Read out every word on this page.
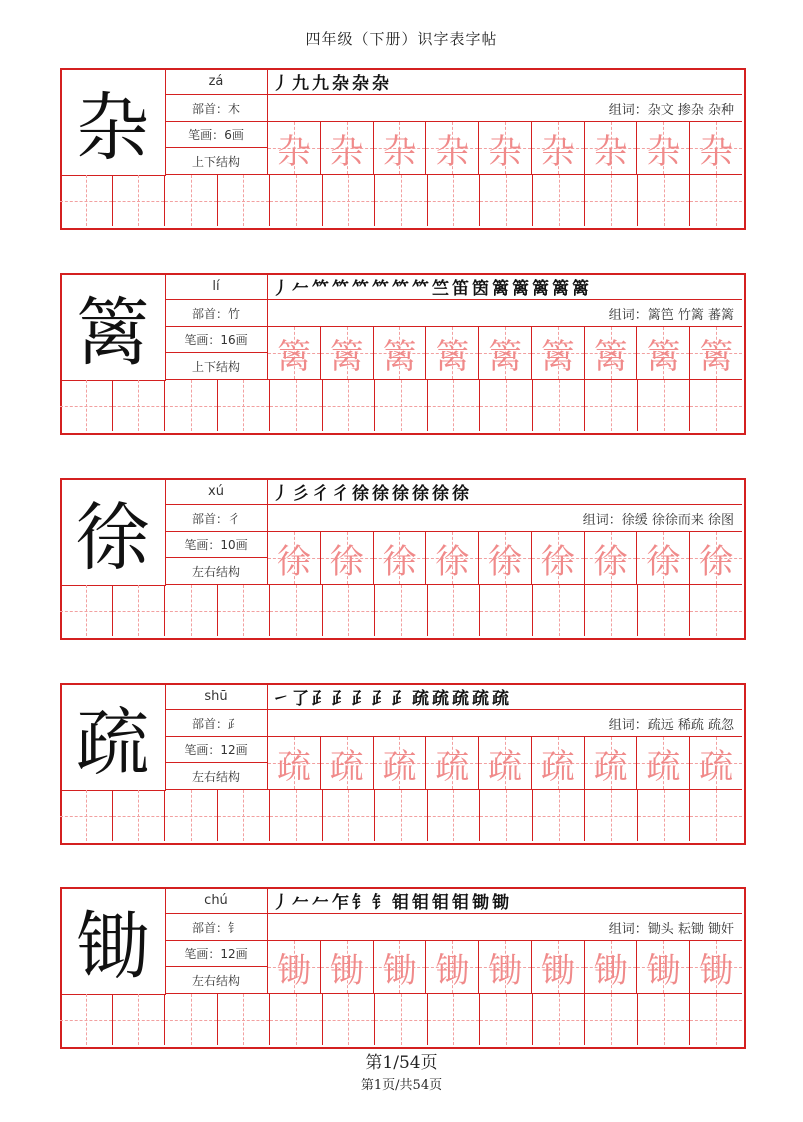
四年级（下册）识字表字帖
杂
zá
部首： 木
笔画： 6画
上下结构
丿 九 九 杂 杂 杂
组词： 杂文 掺杂 杂种
杂 杂 杂 杂 杂 杂 杂 杂 杂
篱
lí
部首： 竹
笔画： 16画
上下结构
丿 𠂉 𥫗 𥫗 𥫗 𥫗 𥫗 𥫗 竺 笛 筃 篱 篱 篱 篱 篱
组词： 篱笆 竹篱 蕃篱
篱 篱 篱 篱 篱 篱 篱 篱 篱
徐
xú
部首： 彳
笔画： 10画
左右结构
丿 彡 彳 彳 徐 徐 徐 徐 徐 徐
组词： 徐缓 徐徐而来 徐图
徐 徐 徐 徐 徐 徐 徐 徐 徐
疏
shū
部首： ⺪
笔画： 12画
左右结构
㇀ 了 ⺪ ⺪ ⺪ ⺪ ⺪ 疏 疏 疏 疏 疏
组词： 疏远 稀疏 疏忽
疏 疏 疏 疏 疏 疏 疏 疏 疏
锄
chú
部首： 钅
笔画： 12画
左右结构
丿 𠂉 𠂉 乍 钅 钅 钼 钼 钼 钼 锄 锄
组词： 锄头 耘锄 锄奸
锄 锄 锄 锄 锄 锄 锄 锄 锄
第1/54页
第1页/共54页
